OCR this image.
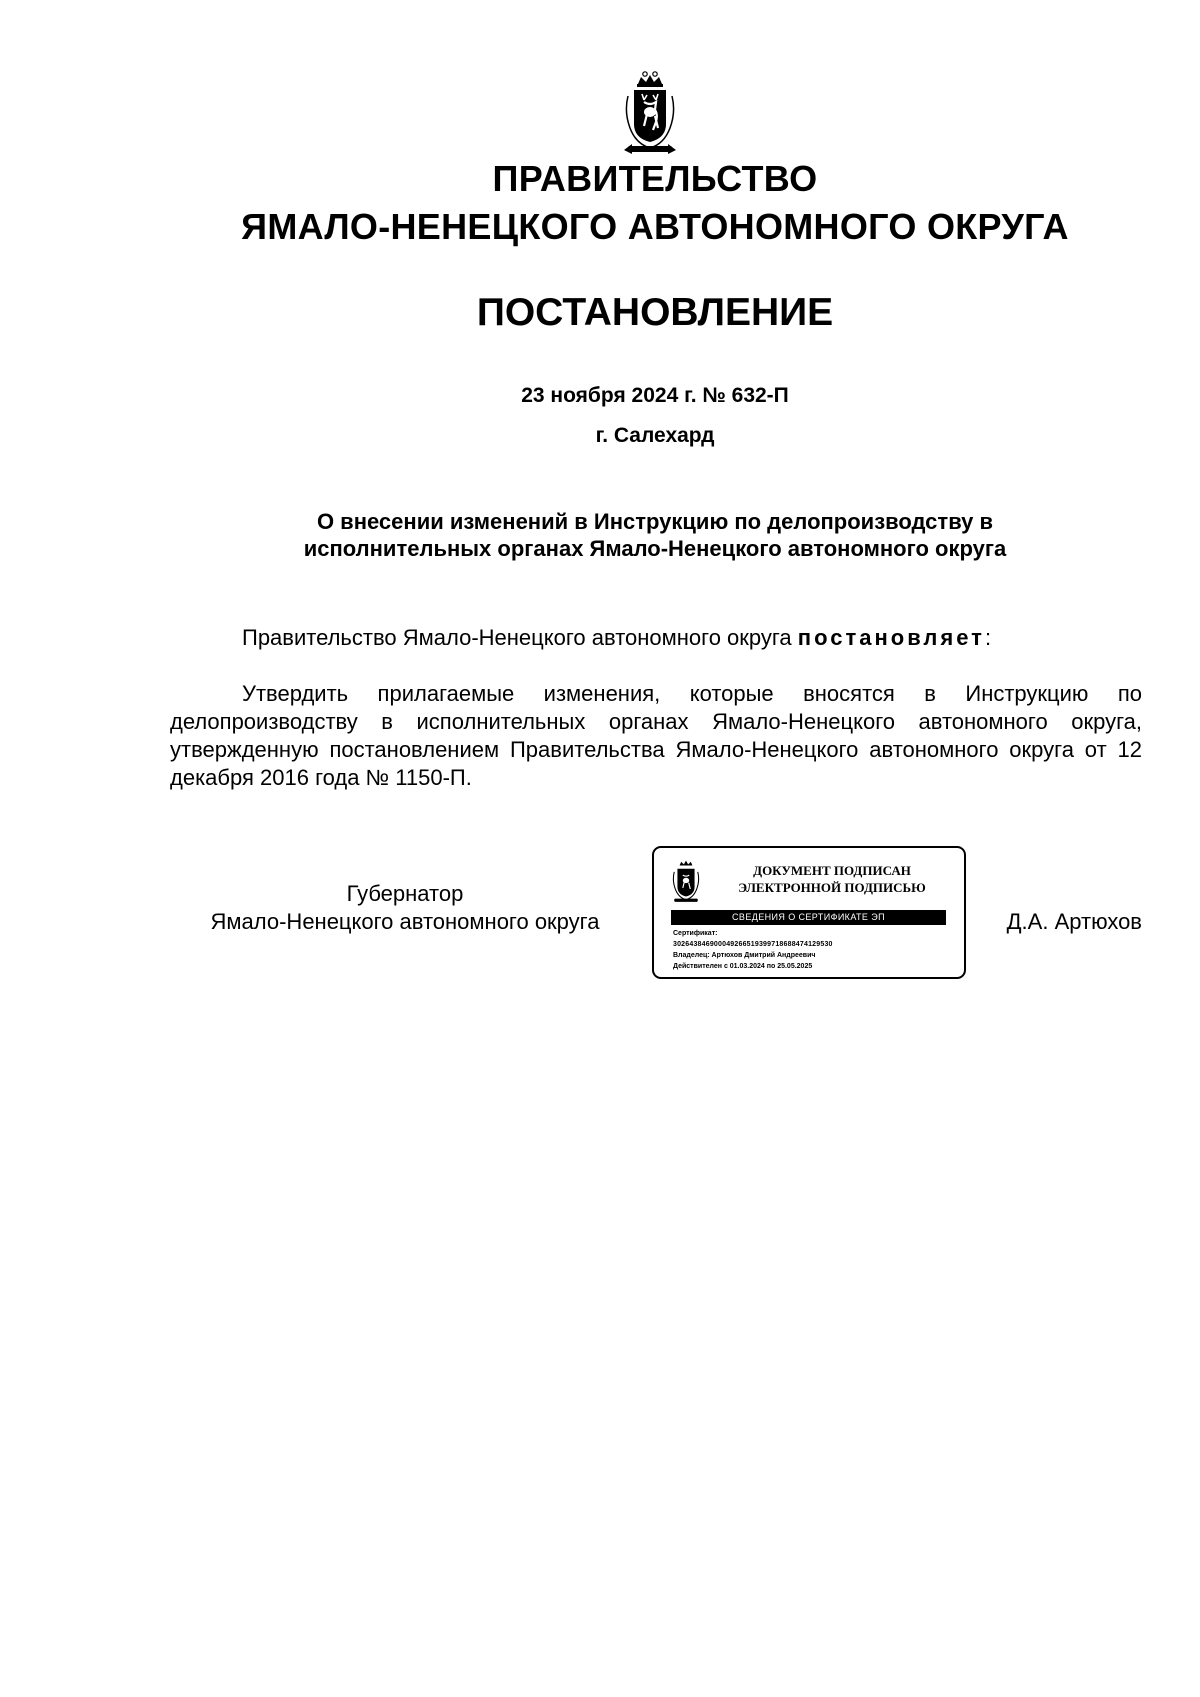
ПРАВИТЕЛЬСТВО
ЯМАЛО-НЕНЕЦКОГО АВТОНОМНОГО ОКРУГА
ПОСТАНОВЛЕНИЕ
23 ноября 2024 г. № 632-П
г. Салехард
О внесении изменений в Инструкцию по делопроизводству в
исполнительных органах Ямало-Ненецкого автономного округа
Правительство Ямало-Ненецкого автономного округа постановляет:
Утвердить прилагаемые изменения, которые вносятся в Инструкцию по делопроизводству в исполнительных органах Ямало-Ненецкого автономного округа, утвержденную постановлением Правительства Ямало-Ненецкого автономного округа от 12 декабря 2016 года № 1150-П.
Губернатор
Ямало-Ненецкого автономного округа
ДОКУМЕНТ ПОДПИСАН
ЭЛЕКТРОННОЙ ПОДПИСЬЮ
СВЕДЕНИЯ О СЕРТИФИКАТЕ ЭП
Сертификат:
302643846900049266519399718688474129530
Владелец: Артюхов Дмитрий Андреевич
Действителен с 01.03.2024 по 25.05.2025
Д.А. Артюхов
